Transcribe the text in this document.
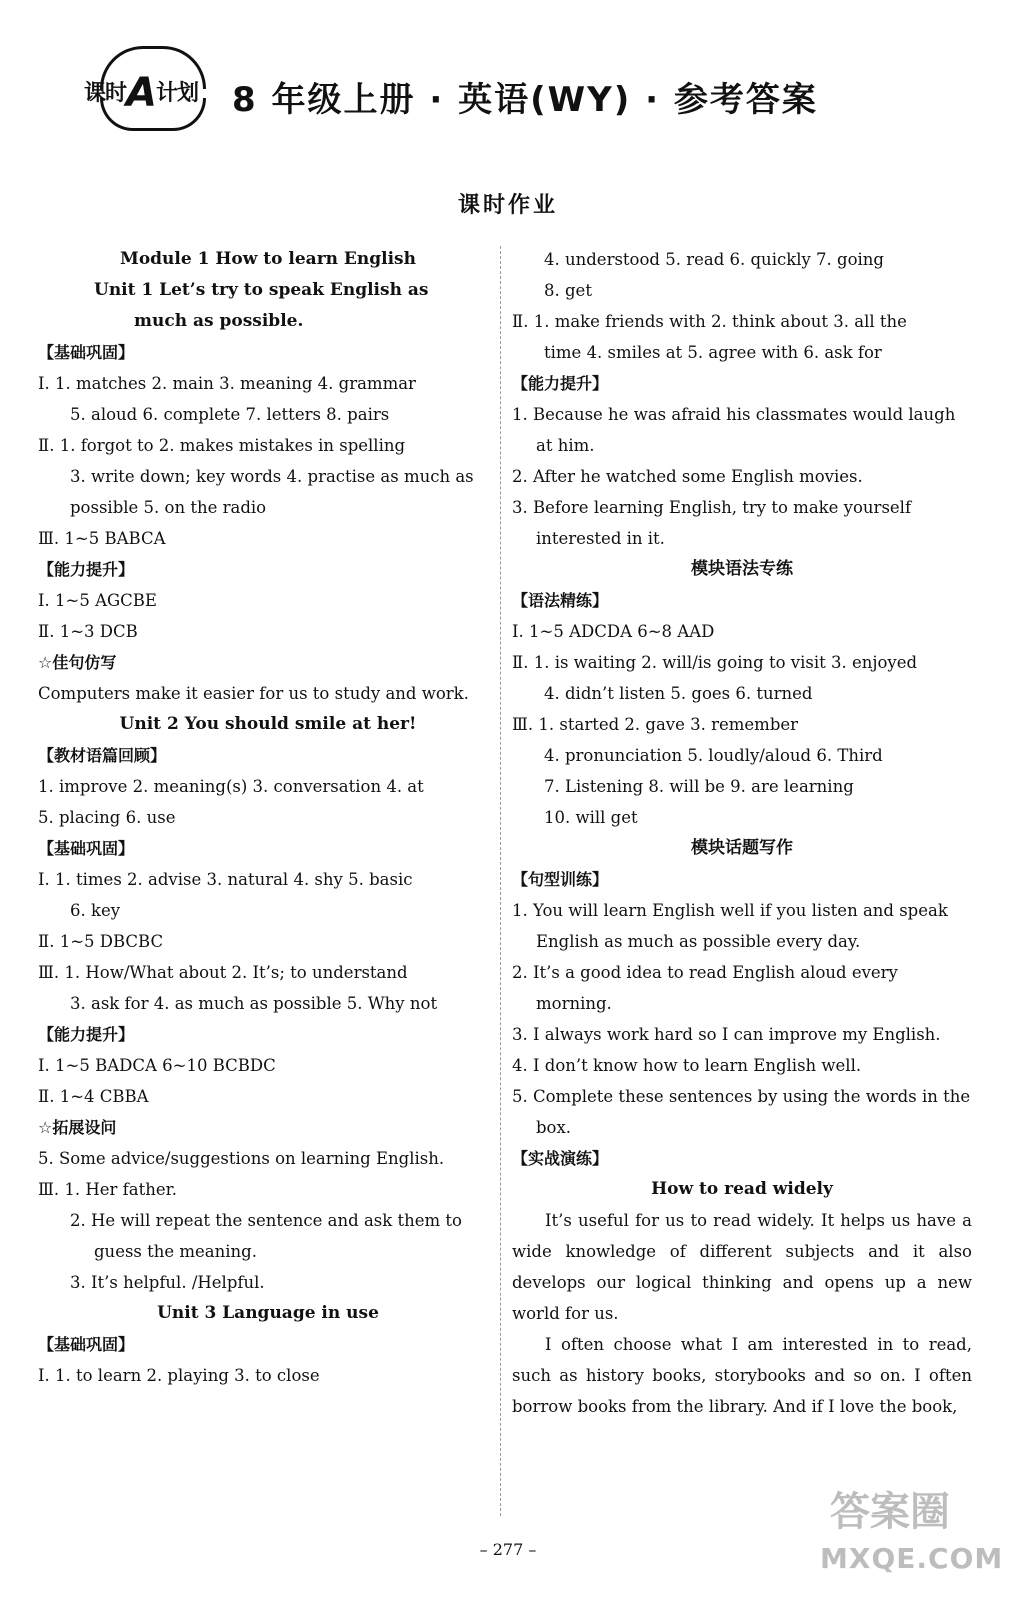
课时A计划 8 年级上册 · 英语(WY) · 参考答案
课时作业
Module 1 How to learn English
Unit 1 Let’s try to speak English as
much as possible.
【基础巩固】
Ⅰ. 1. matches 2. main 3. meaning 4. grammar
5. aloud 6. complete 7. letters 8. pairs
Ⅱ. 1. forgot to 2. makes mistakes in spelling
3. write down; key words 4. practise as much as
possible 5. on the radio
Ⅲ. 1~5 BABCA
【能力提升】
Ⅰ. 1~5 AGCBE
Ⅱ. 1~3 DCB
☆佳句仿写
Computers make it easier for us to study and work.
Unit 2 You should smile at her!
【教材语篇回顾】
1. improve 2. meaning(s) 3. conversation 4. at
5. placing 6. use
【基础巩固】
Ⅰ. 1. times 2. advise 3. natural 4. shy 5. basic
6. key
Ⅱ. 1~5 DBCBC
Ⅲ. 1. How/What about 2. It’s; to understand
3. ask for 4. as much as possible 5. Why not
【能力提升】
Ⅰ. 1~5 BADCA 6~10 BCBDC
Ⅱ. 1~4 CBBA
☆拓展设问
5. Some advice/suggestions on learning English.
Ⅲ. 1. Her father.
2. He will repeat the sentence and ask them to
guess the meaning.
3. It’s helpful. /Helpful.
Unit 3 Language in use
【基础巩固】
Ⅰ. 1. to learn 2. playing 3. to close
4. understood 5. read 6. quickly 7. going
8. get
Ⅱ. 1. make friends with 2. think about 3. all the
time 4. smiles at 5. agree with 6. ask for
【能力提升】
1. Because he was afraid his classmates would laugh
at him.
2. After he watched some English movies.
3. Before learning English, try to make yourself
interested in it.
模块语法专练
【语法精练】
Ⅰ. 1~5 ADCDA 6~8 AAD
Ⅱ. 1. is waiting 2. will/is going to visit 3. enjoyed
4. didn’t listen 5. goes 6. turned
Ⅲ. 1. started 2. gave 3. remember
4. pronunciation 5. loudly/aloud 6. Third
7. Listening 8. will be 9. are learning
10. will get
模块话题写作
【句型训练】
1. You will learn English well if you listen and speak
English as much as possible every day.
2. It’s a good idea to read English aloud every
morning.
3. I always work hard so I can improve my English.
4. I don’t know how to learn English well.
5. Complete these sentences by using the words in the
box.
【实战演练】
How to read widely
It’s useful for us to read widely. It helps us have a wide knowledge of different subjects and it also develops our logical thinking and opens up a new world for us.
I often choose what I am interested in to read, such as history books, storybooks and so on. I often borrow books from the library. And if I love the book,
– 277 –
答案圈
MXQE.COM
